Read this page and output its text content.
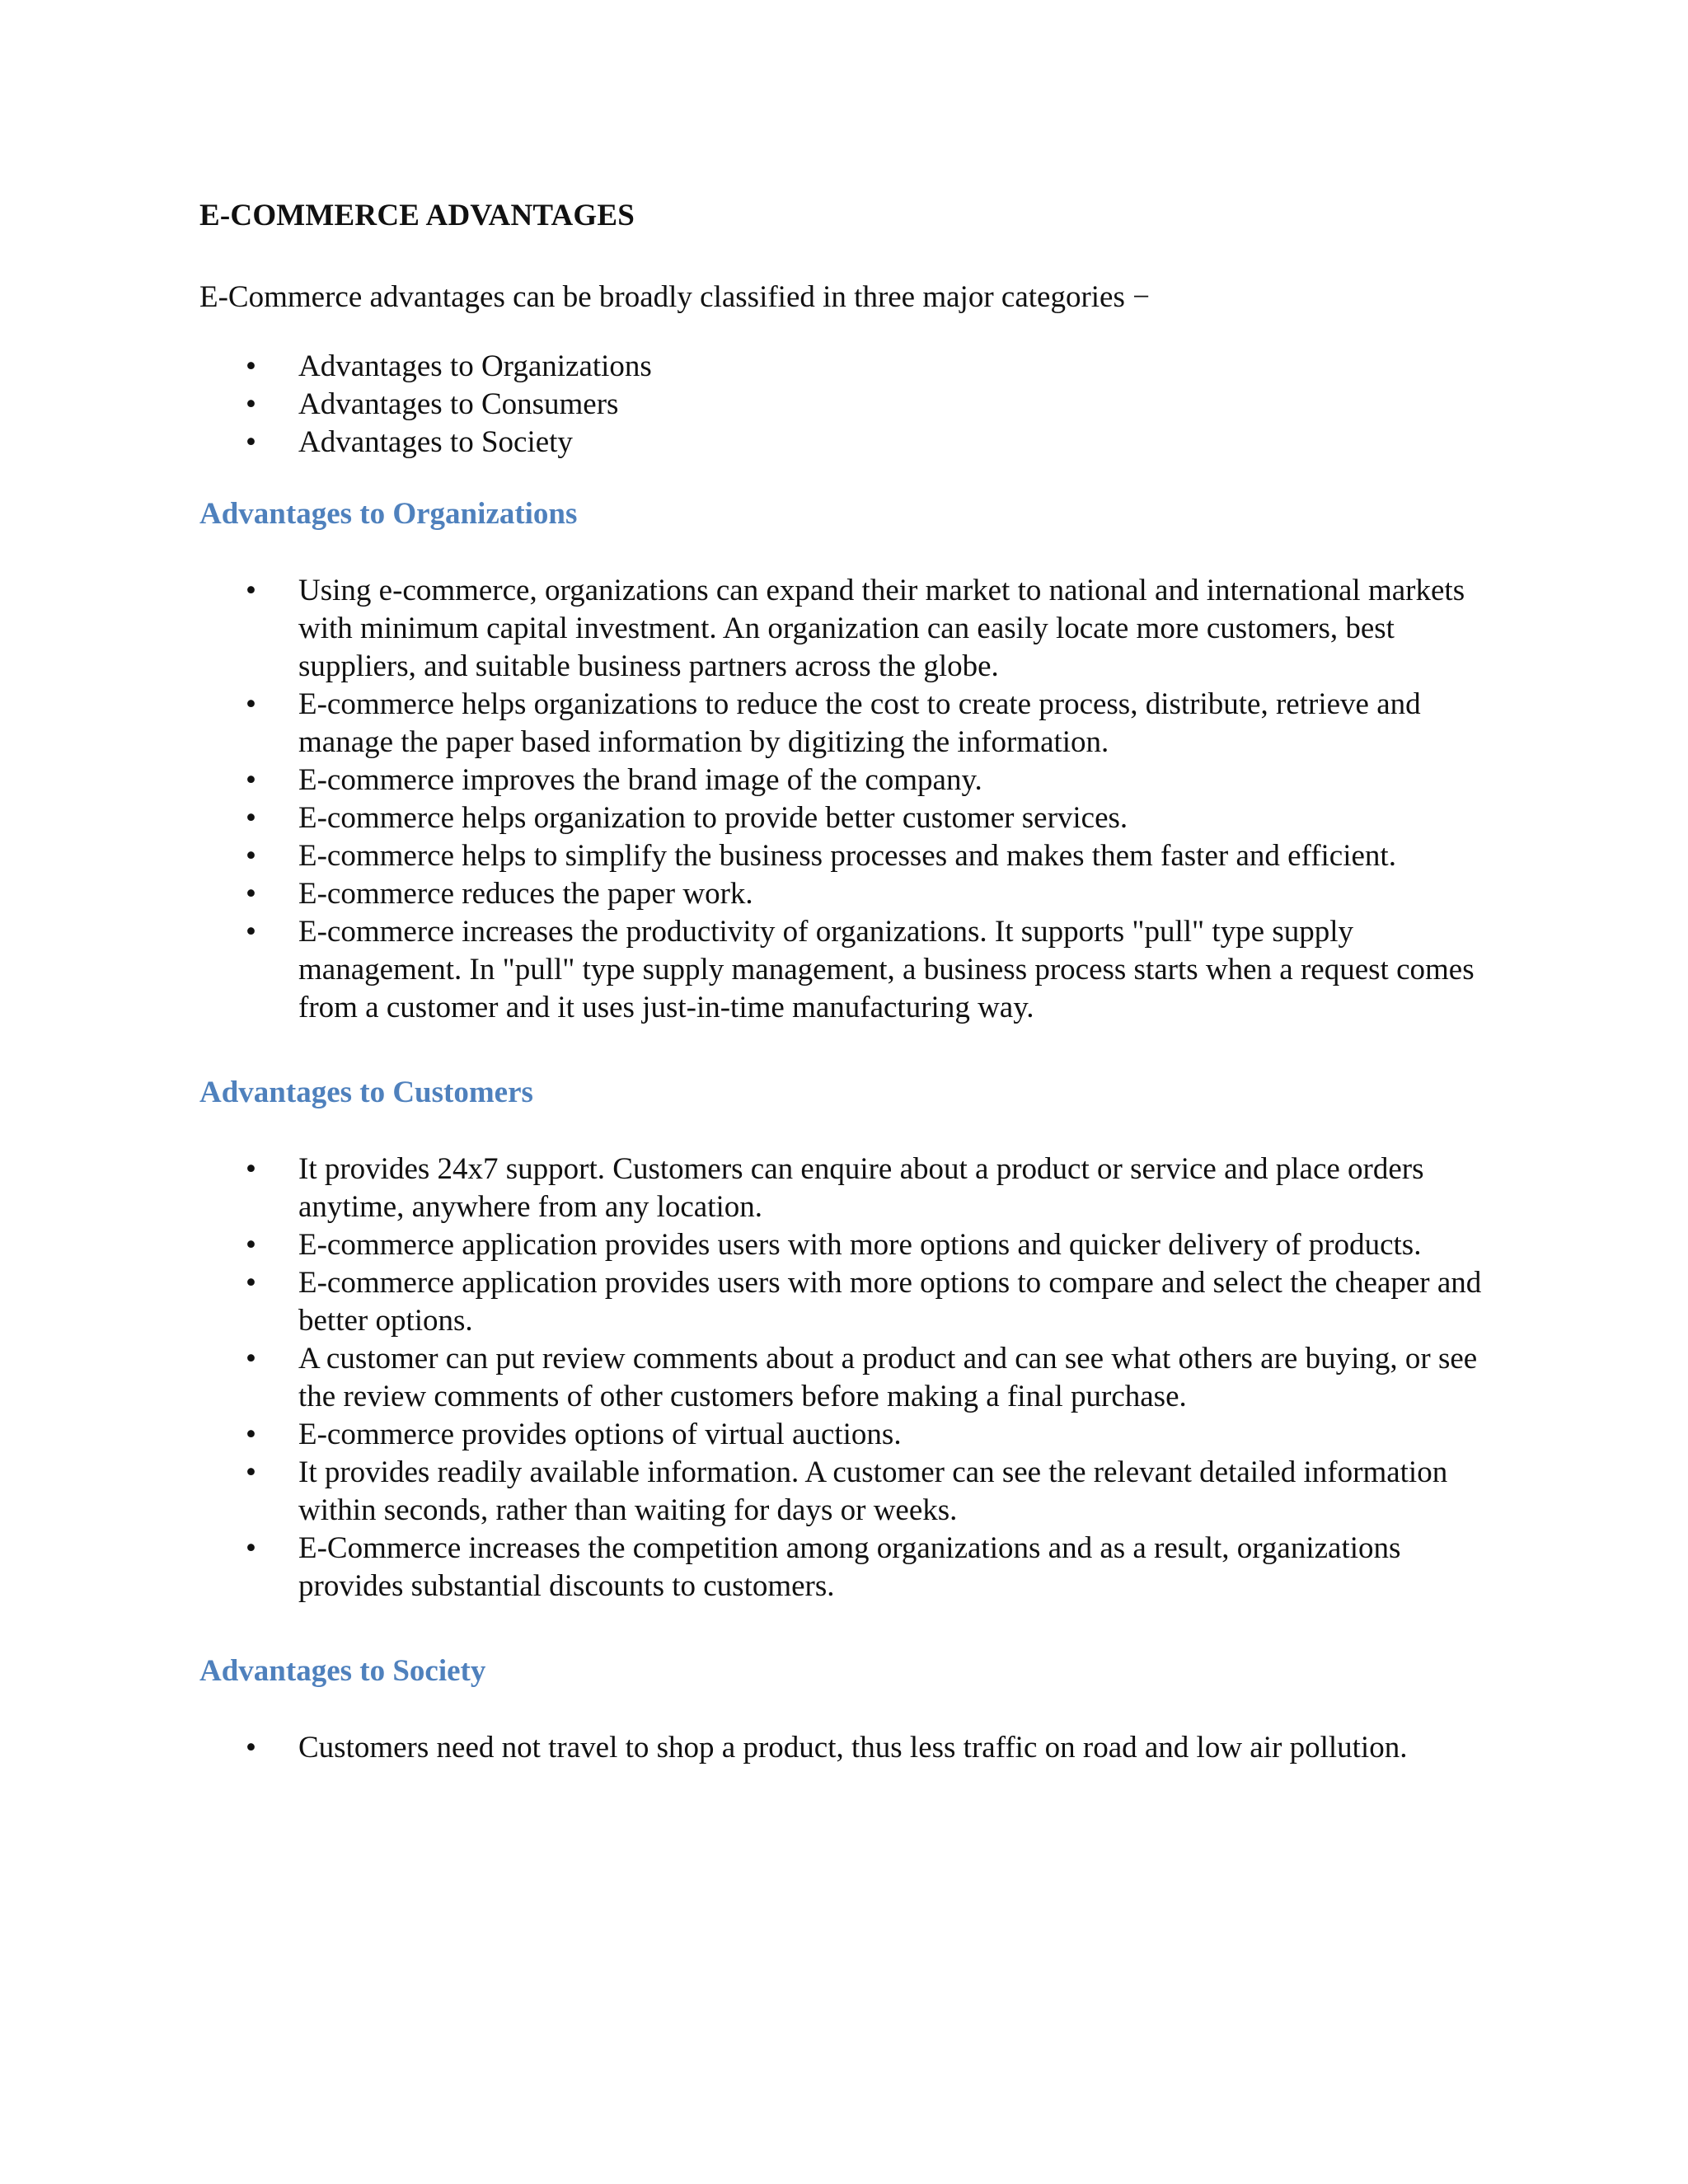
E-COMMERCE ADVANTAGES
E-Commerce advantages can be broadly classified in three major categories −
• Advantages to Organizations
• Advantages to Consumers
• Advantages to Society
Advantages to Organizations
• Using e-commerce, organizations can expand their market to national and international markets with minimum capital investment. An organization can easily locate more customers, best suppliers, and suitable business partners across the globe.
• E-commerce helps organizations to reduce the cost to create process, distribute, retrieve and manage the paper based information by digitizing the information.
• E-commerce improves the brand image of the company.
• E-commerce helps organization to provide better customer services.
• E-commerce helps to simplify the business processes and makes them faster and efficient.
• E-commerce reduces the paper work.
• E-commerce increases the productivity of organizations. It supports "pull" type supply management. In "pull" type supply management, a business process starts when a request comes from a customer and it uses just-in-time manufacturing way.
Advantages to Customers
• It provides 24x7 support. Customers can enquire about a product or service and place orders anytime, anywhere from any location.
• E-commerce application provides users with more options and quicker delivery of products.
• E-commerce application provides users with more options to compare and select the cheaper and better options.
• A customer can put review comments about a product and can see what others are buying, or see the review comments of other customers before making a final purchase.
• E-commerce provides options of virtual auctions.
• It provides readily available information. A customer can see the relevant detailed information within seconds, rather than waiting for days or weeks.
• E-Commerce increases the competition among organizations and as a result, organizations provides substantial discounts to customers.
Advantages to Society
• Customers need not travel to shop a product, thus less traffic on road and low air pollution.
